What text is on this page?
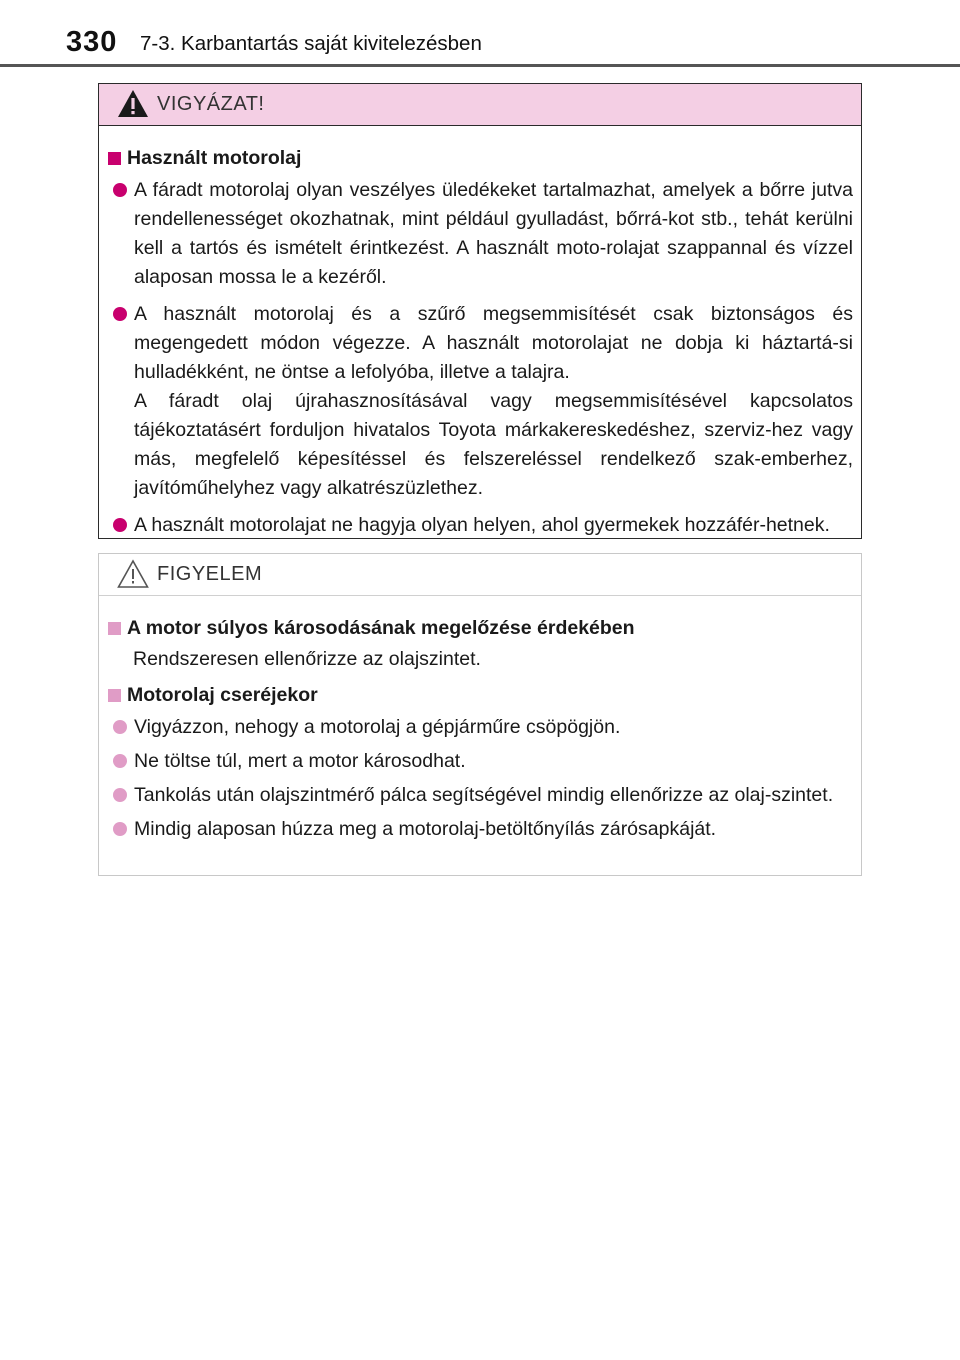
330 7-3. Karbantartás saját kivitelezésben
VIGYÁZAT!
Használt motorolaj
A fáradt motorolaj olyan veszélyes üledékeket tartalmazhat, amelyek a bőrre jutva rendellenességet okozhatnak, mint például gyulladást, bőrrá-kot stb., tehát kerülni kell a tartós és ismételt érintkezést. A használt moto-rolajat szappannal és vízzel alaposan mossa le a kezéről.
A használt motorolaj és a szűrő megsemmisítését csak biztonságos és megengedett módon végezze. A használt motorolajat ne dobja ki háztartá-si hulladékként, ne öntse a lefolyóba, illetve a talajra.
A fáradt olaj újrahasznosításával vagy megsemmisítésével kapcsolatos tájékoztatásért forduljon hivatalos Toyota márkakereskedéshez, szerviz-hez vagy más, megfelelő képesítéssel és felszereléssel rendelkező szak-emberhez, javítóműhelyhez vagy alkatrészüzlethez.
A használt motorolajat ne hagyja olyan helyen, ahol gyermekek hozzáfér-hetnek.
FIGYELEM
A motor súlyos károsodásának megelőzése érdekében
Rendszeresen ellenőrizze az olajszintet.
Motorolaj cseréjekor
Vigyázzon, nehogy a motorolaj a gépjárműre csöpögjön.
Ne töltse túl, mert a motor károsodhat.
Tankolás után olajszintmérő pálca segítségével mindig ellenőrizze az olaj-szintet.
Mindig alaposan húzza meg a motorolaj-betöltőnyílás zárósapkáját.
